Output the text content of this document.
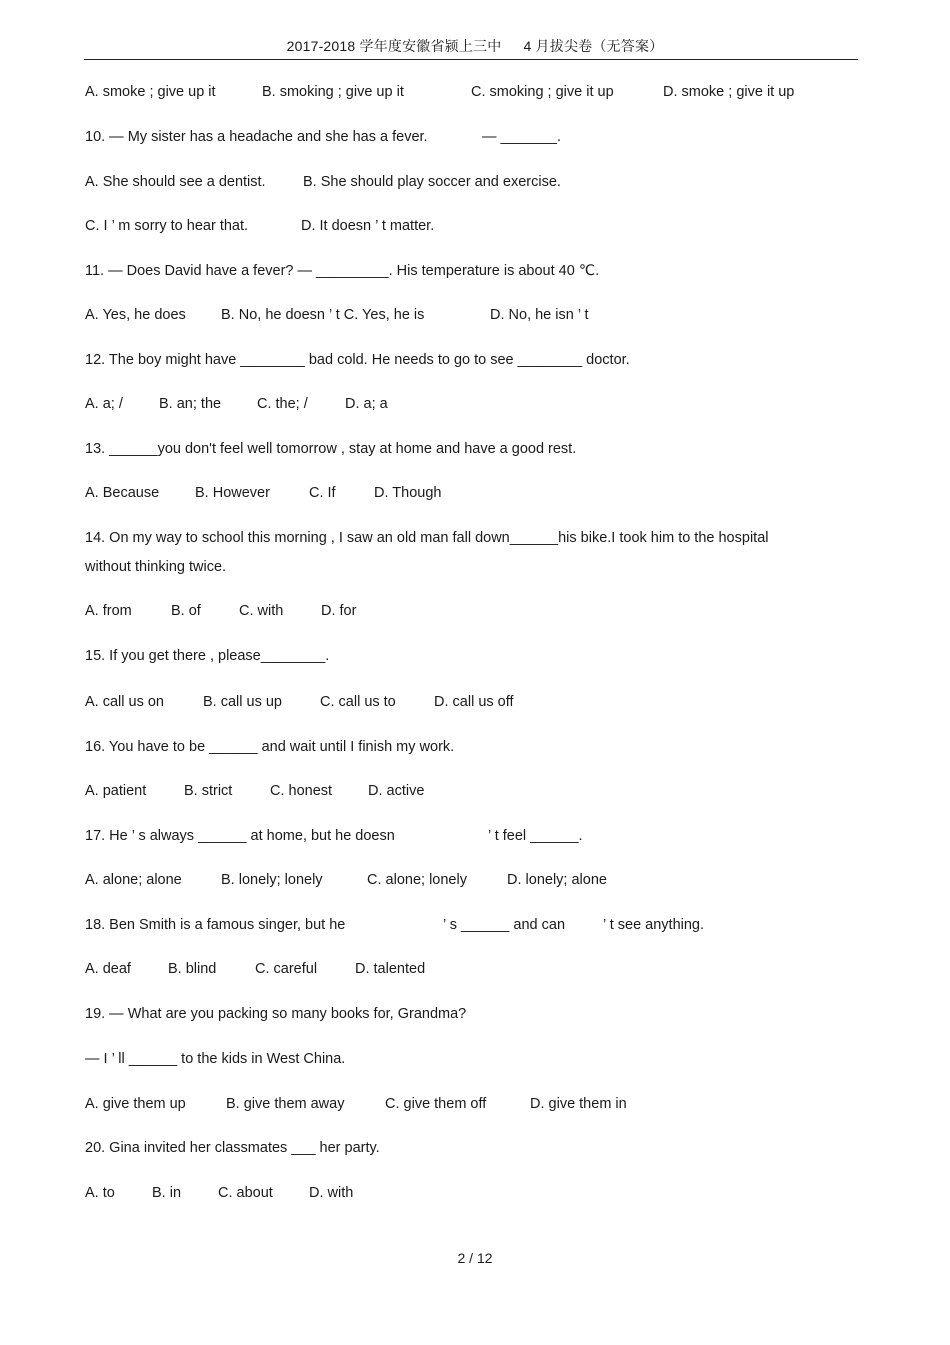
2017-2018 学年度安徽省颍上三中 4 月拔尖卷（无答案）
A. smoke ; give up it	B. smoking ; give up it	C. smoking ; give it up	D. smoke ; give it up
10. — My sister has a headache and she has a fever.	— _______.
A. She should see a dentist.	B. She should play soccer and exercise.
C. I ’ m sorry to hear that.	D. It doesn ’ t matter.
11. — Does David have a fever? — _________. His temperature is about 40 ℃.
A. Yes, he does B. No, he doesn ’ t C. Yes, he is	D. No, he isn ’ t
12. The boy might have ________ bad cold. He needs to go to see ________ doctor.
A. a; / B. an; the C. the; /	D. a; a
13. ______you don't feel well tomorrow , stay at home and have a good rest.
A. Because B. However	C. If	D. Though
14. On my way to school this morning , I saw an old man fall down______his bike.I took him to the hospital
without thinking twice.
A. from	B. of	C. with	D. for
15. If you get there , please________.
A. call us on	B. call us up	C. call us to	D. call us off
16. You have to be ______ and wait until I finish my work.
A. patient	B. strict	C. honest D. active
17. He ’ s always ______ at home, but he doesn	’ t feel ______.
A. alone; alone	B. lonely; lonely	C. alone; lonely	D. lonely; alone
18. Ben Smith is a famous singer, but he	’ s ______ and can	’ t see anything.
A. deaf	B. blind	C. careful	D. talented
19. — What are you packing so many books for, Grandma?
— I ’ ll ______ to the kids in West China.
A. give them up	B. give them away	C. give them off	D. give them in
20. Gina invited her classmates ___ her party.
A. to	B. in	C. about D. with
2 / 12
